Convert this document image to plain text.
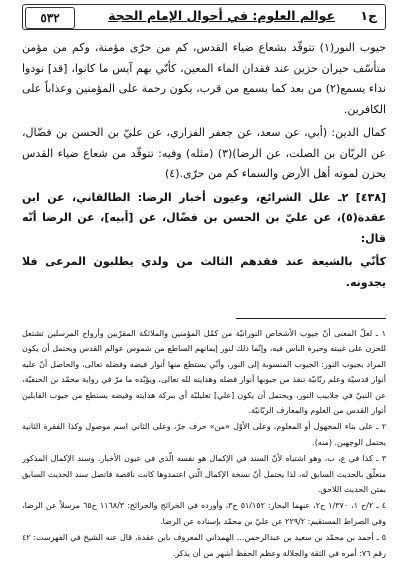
ج١
عوالم العلوم: في أحوال الإمام الحجة
٥٣٢

جيوب النور(١) تتوقّد بشعاع ضياء القدس، كم من حرّى مؤمنة، وكم من مؤمن متأسّف حيران حزين عند فقدان الماء المعين، كأنّي بهم آيس ما كانوا، [قد] نودوا نداء يسمع(٢) من بعد كما يسمع من قرب، يكون رحمة على المؤمنين وعذاباً على الكافرين.

كمال الدين: (أبي، عن سعد، عن جعفر الفزاري، عن عليّ بن الحسن بن فضّال، عن الريّان بن الصلت، عن الرضا)(٣) (مثله) وفيه: تتوقّد من شعاع ضياء القدس يحزن لموته أهل الأرض والسماء كم من حرّى.(٤)

[٤٣٨] ٢ـ علل الشرائع، وعيون أخبار الرضا: الطالقاني، عن ابن عقدة(٥)، عن عليّ بن الحسن بن فضّال، عن [أبيه]، عن الرضا أنّه قال:

كأنّي بالشيعة عند فقدهم الثالث من ولدي يطلبون المرعى فلا يجدونه.

١ ـ لعلّ المعنى أنّ جيوب الأشخاص النورانيّة من كمّل المؤمنين والملائكة المقرّبين وأرواح المرسلين تشتعل للحزن على غيبته وحيرة الناس فيه، وإنّما ذلك لنور إيمانهم الساطع من شموس عوالم القدس ويحتمل أن يكون المراد بجيوب النور: الجيوب المنسوبة إلى النور، وأنّي يستطع منها أنوار فيضه وفضله تعالى، والحاصل أنّ عليه أنوار قدسيّة وعلم ربّانيّة تنفذ من جيوبها أنوار فضله وهدايته لله تعالى، ويؤيّده ما مرّ في رواية محمّد بن الحنفيّة، عن النبيّ في جلابيب النور، ويحتمل أن يكون [علي] تعليليّة أي ببركة هدايته وفيضه يستطع من جيوب القابلين أنوار القدس من العلوم والمعارف الربّانيّة.

٢ ـ على بناء المجهول أو المعلوم، وعلى الأوّل «من» حرف جرّ، وعلى الثاني اسم موصول وكذا الفقرة الثانية يحتمل الوجهين. (منه).

٣ ـ كذا في ع، ب، وهو اشتباه لأنّ السند في الإكمال هو نفسه الّذي في عيون الأخبار. وسند الإكمال المذكور متعلّق بالحديث السابق له، لذا يحتمل أنّ نسخة الإكمال الّتي اعتمدوها كانت ناقصة فاتصل سند الحديث السابق بمتن الحديث اللاحق.

٤ ـ ٢/ح ١، ١/٣٧٠ ح٢، عنهما البحار: ٥١/١٥٢ ح٣، وأورده في الخرائج والجرائح: ١١٦٨/٣ ح٦٥ مرسلاً عن الرضا، وفي الصراط المستقيم: ٢٢٩/٢ عن عليّ بن محمّد بإسناده عن الرضا.

٥ ـ أحمد بن محمّد بن سعيد بن عبدالرحمن... الهمداني المعروف بابن عقدة، قال عنه الشيخ في الفهرست: ٤٢ رقم ٧٦: أمره في الثقة والجلالة وعظم الحفظ أشهر من أن يذكر.
